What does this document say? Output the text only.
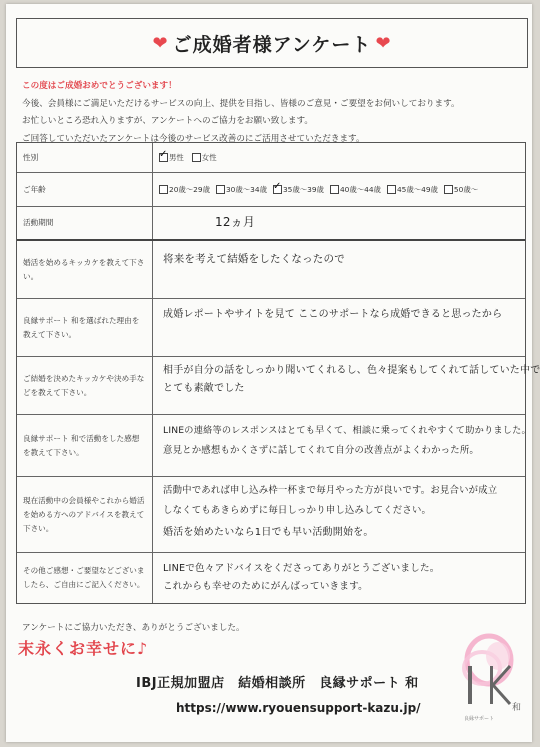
❤ ご成婚者様アンケート ❤
この度はご成婚おめでとうございます！
今後、会員様にご満足いただけるサービスの向上、提供を目指し、皆様のご意見・ご要望をお伺いしております。
お忙しいところ恐れ入りますが、アンケートへのご協力をお願い致します。
ご回答していただいたアンケートは今後のサービス改善のにご活用させていただきます。
性別 ✓	男性 女性
ご年齢	20歳～29歳 30歳～34歳 ✓ 35歳～39歳 40歳～44歳 45歳～49歳 50歳～
活動期間	12ヵ月
婚活を始めるキッカケを教えて下さい。
将来を考えて結婚をしたくなったので
良縁サポート 和を選ばれた理由を教えて下さい。
成婚レポートやサイトを見て ここのサポートなら成婚できると思ったから
ご結婚を決めたキッカケや決め手などを教えて下さい。
相手が自分の話をしっかり聞いてくれるし、色々提案もしてくれて話していた中で
とても素敵でした
良縁サポート 和で活動をした感想を教えて下さい。
LINEの連絡等のレスポンスはとても早くて、相談に乗ってくれやすくて助かりました。
意見とか感想もかくさずに話してくれて自分の改善点がよくわかった所。
現在活動中の会員様やこれから婚活を始める方へのアドバイスを教えて下さい。
活動中であれば申し込み枠一杯まで毎月やった方が良いです。お見合いが成立
しなくてもあきらめずに毎日しっかり申し込みしてください。
婚活を始めたいなら1日でも早い活動開始を。
その他ご感想・ご要望などございましたら、ご自由にご記入ください。
LINEで色々アドバイスをくださってありがとうございました。
これからも幸せのためにがんばっていきます。
アンケートにご協力いただき、ありがとうございました。
末永くお幸せに♪
IBJ正規加盟店　結婚相談所　良縁サポート 和
https://www.ryouensupport-kazu.jp/	和
良縁サポート
